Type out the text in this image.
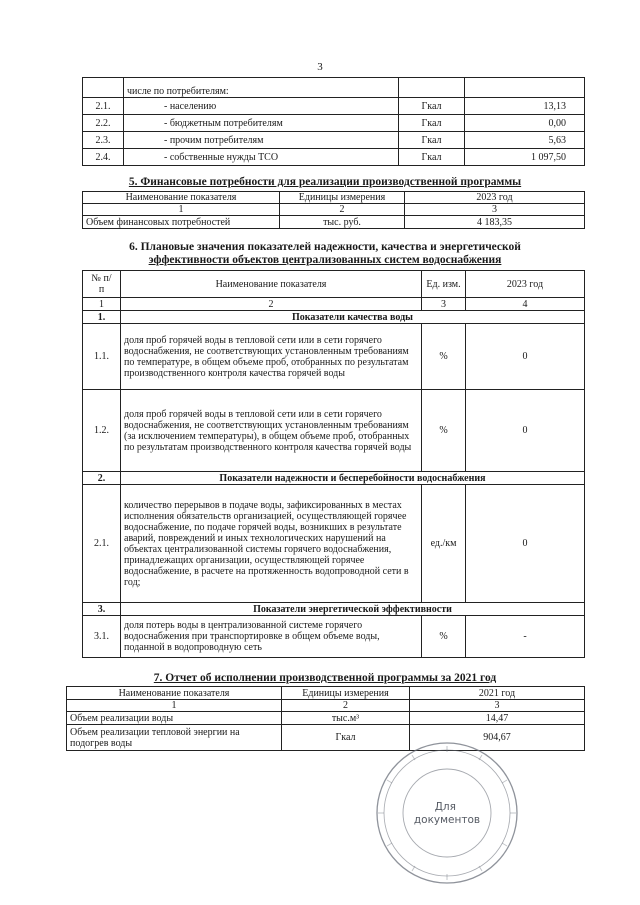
3
	числе по потребителям:		
2.1.	- населению	Гкал	13,13
2.2.	- бюджетным потребителям	Гкал	0,00
2.3.	- прочим потребителям	Гкал	5,63
2.4.	- собственные нужды ТСО	Гкал	1 097,50
5. Финансовые потребности для реализации производственной программы
Наименование показателя	Единицы измерения	2023 год
1	2	3
Объем финансовых потребностей	тыс. руб.	4 183,35
6. Плановые значения показателей надежности, качества и энергетической
эффективности объектов централизованных систем водоснабжения
№ п/п	Наименование показателя	Ед. изм.	2023 год
1	2	3	4
1.	Показатели качества воды		
1.1.	доля проб горячей воды в тепловой сети или в сети горячего водоснабжения, не соответствующих установленным требованиям по температуре, в общем объеме проб, отобранных по результатам производственного контроля качества горячей воды	%	0
1.2.	доля проб горячей воды в тепловой сети или в сети горячего водоснабжения, не соответствующих установленным требованиям (за исключением температуры), в общем объеме проб, отобранных по результатам производственного контроля качества горячей воды	%	0
2.	Показатели надежности и бесперебойности водоснабжения		
2.1.	количество перерывов в подаче воды, зафиксированных в местах исполнения обязательств организацией, осуществляющей горячее водоснабжение, по подаче горячей воды, возникших в результате аварий, повреждений и иных технологических нарушений на объектах централизованной системы горячего водоснабжения, принадлежащих организации, осуществляющей горячее водоснабжение, в расчете на протяженность водопроводной сети в год;	ед./км	0
3.	Показатели энергетической эффективности		
3.1.	доля потерь воды в централизованной системе горячего водоснабжения при транспортировке в общем объеме воды, поданной в водопроводную сеть	%	-
7. Отчет об исполнении производственной программы за 2021 год
Наименование показателя	Единицы измерения	2021 год
1	2	3
Объем реализации воды	тыс.м³	14,47
Объем реализации тепловой энергии на подогрев воды	Гкал	904,67
Для документов
